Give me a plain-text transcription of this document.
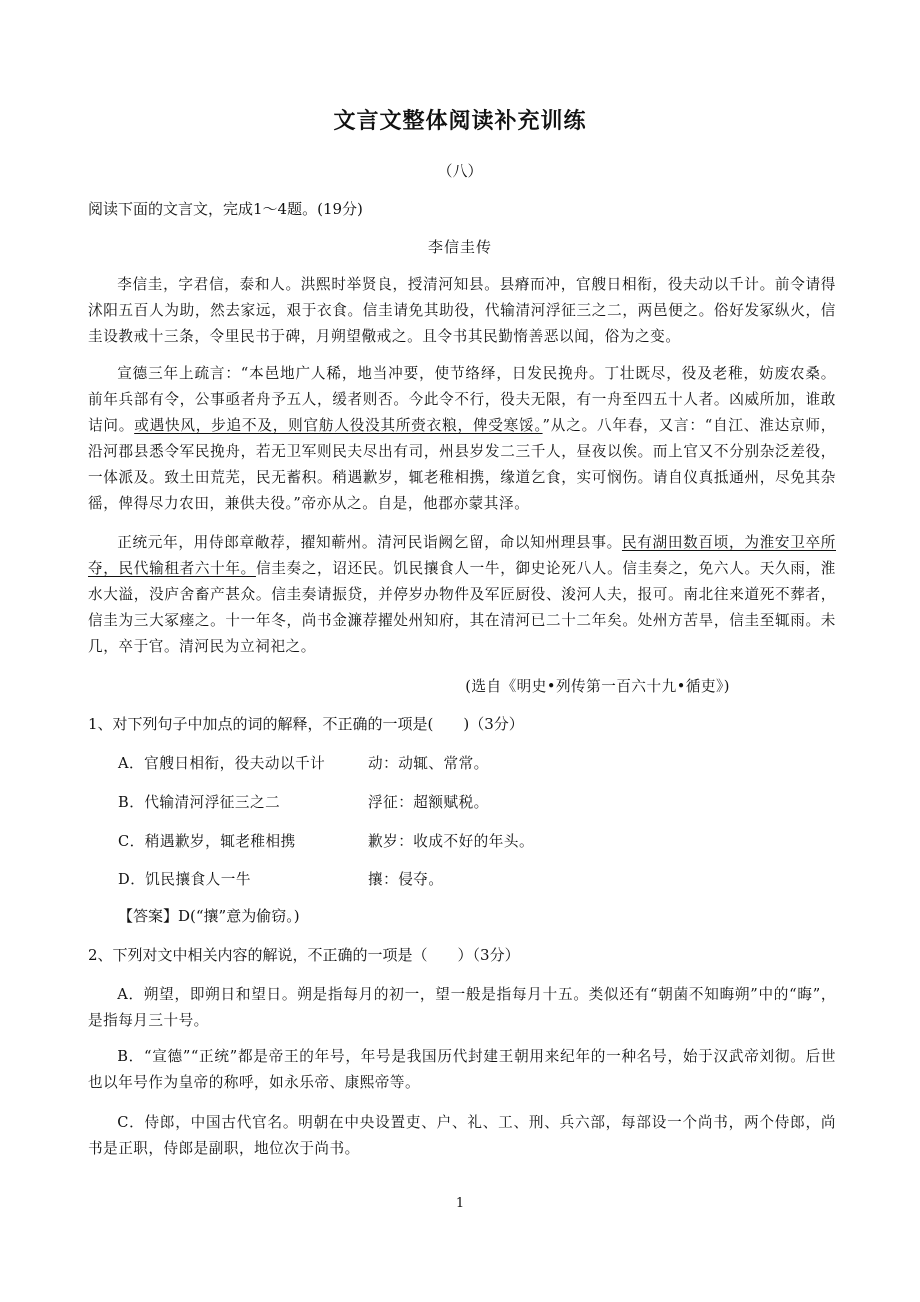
文言文整体阅读补充训练
（八）
阅读下面的文言文，完成1～4题。(19分)
李信圭传
李信圭，字君信，泰和人。洪熙时举贤良，授清河知县。县瘠而冲，官艘日相衔，役夫动以千计。前令请得沭阳五百人为助，然去家远，艰于衣食。信圭请免其助役，代输清河浮征三之二，两邑便之。俗好发冢纵火，信圭设教戒十三条，令里民书于碑，月朔望儆戒之。且令书其民勤惰善恶以闻，俗为之变。
宣德三年上疏言：“本邑地广人稀，地当冲要，使节络绎，日发民挽舟。丁壮既尽，役及老稚，妨废农桑。前年兵部有令，公事亟者舟予五人，缓者则否。今此令不行，役夫无限，有一舟至四五十人者。凶威所加，谁敢诘问。或遇快风，步追不及，则官舫人役没其所赍衣粮，俾受寒馁。”从之。八年春，又言：“自江、淮达京师，沿河郡县悉令军民挽舟，若无卫军则民夫尽出有司，州县岁发二三千人，昼夜以俟。而上官又不分别杂泛差役，一体派及。致土田荒芜，民无蓄积。稍遇歉岁，辄老稚相携，缘道乞食，实可悯伤。请自仪真抵通州，尽免其杂徭，俾得尽力农田，兼供夫役。”帝亦从之。自是，他郡亦蒙其泽。
正统元年，用侍郎章敞荐，擢知蕲州。清河民诣阙乞留，命以知州理县事。民有湖田数百顷，为淮安卫卒所夺，民代输租者六十年。信圭奏之，诏还民。饥民攘食人一牛，御史论死八人。信圭奏之，免六人。天久雨，淮水大溢，没庐舍畜产甚众。信圭奏请振贷，并停岁办物件及军匠厨役、浚河人夫，报可。南北往来道死不葬者，信圭为三大冢瘗之。十一年冬，尚书金濂荐擢处州知府，其在清河已二十二年矣。处州方苦旱，信圭至辄雨。未几，卒于官。清河民为立祠祀之。
(选自《明史•列传第一百六十九•循吏》)
1、对下列句子中加点的词的解释，不正确的一项是(　　)（3分）
A．官艘日相衔，役夫动以千计	动：动辄、常常。
B．代输清河浮征三之二	浮征：超额赋税。
C．稍遇歉岁，辄老稚相携	歉岁：收成不好的年头。
D．饥民攘食人一牛	攘：侵夺。
【答案】D(“攘”意为偷窃。)
2、下列对文中相关内容的解说，不正确的一项是（　　）（3分）
A．朔望，即朔日和望日。朔是指每月的初一，望一般是指每月十五。类似还有“朝菌不知晦朔”中的“晦”，是指每月三十号。
B．“宣德”“正统”都是帝王的年号，年号是我国历代封建王朝用来纪年的一种名号，始于汉武帝刘彻。后世也以年号作为皇帝的称呼，如永乐帝、康熙帝等。
C．侍郎，中国古代官名。明朝在中央设置吏、户、礼、工、刑、兵六部，每部设一个尚书，两个侍郎，尚书是正职，侍郎是副职，地位次于尚书。
1
